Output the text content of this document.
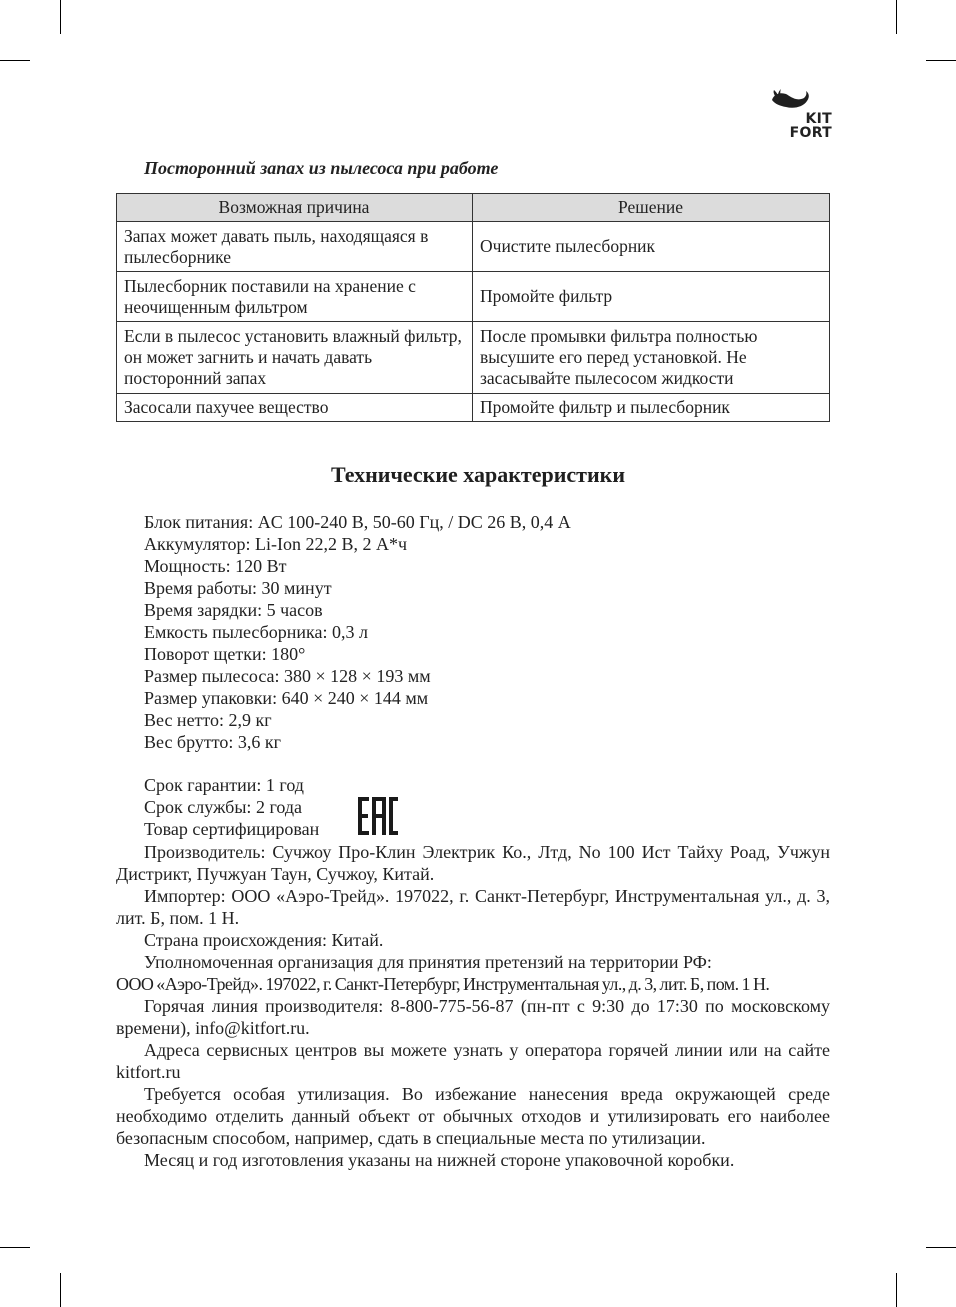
KIT
FORT
Посторонний запах из пылесоса при работе
Возможная причина	Решение
Запах может давать пыль, находящаяся в пылесборнике	Очистите пылесборник
Пылесборник поставили на хранение с неочищенным фильтром	Промойте фильтр
Если в пылесос установить влажный фильтр, он может загнить и начать давать посторонний запах	После промывки фильтра полностью высушите его перед установкой. Не засасывайте пылесосом жидкости
Засосали пахучее вещество	Промойте фильтр и пылесборник
Технические характеристики
Блок питания: AC 100-240 В, 50-60 Гц, / DC 26 В, 0,4 А
Аккумулятор: Li-Ion 22,2 В, 2 А*ч
Мощность: 120 Вт
Время работы: 30 минут
Время зарядки: 5 часов
Емкость пылесборника: 0,3 л
Поворот щетки: 180°
Размер пылесоса: 380 × 128 × 193 мм
Размер упаковки: 640 × 240 × 144 мм
Вес нетто: 2,9 кг
Вес брутто: 3,6 кг
Срок гарантии: 1 год
Срок службы: 2 года
Товар сертифицирован

Производитель: Сучжоу Про-Клин Электрик Ко., Лтд, No 100 Ист Тайху Роад, Учжун Дистрикт, Пучжуан Таун, Сучжоу, Китай.

Импортер: ООО «Аэро-Трейд». 197022, г. Санкт-Петербург, Инструментальная ул., д. 3, лит. Б, пом. 1 Н.

Страна происхождения: Китай.

Уполномоченная организация для принятия претензий на территории РФ:

ООО «Аэро-Трейд». 197022, г. Санкт-Петербург, Инструментальная ул., д. 3, лит. Б, пом. 1 Н.

Горячая линия производителя: 8-800-775-56-87 (пн-пт с 9:30 до 17:30 по московскому времени), info@kitfort.ru.

Адреса сервисных центров вы можете узнать у оператора горячей линии или на сайте kitfort.ru

Требуется особая утилизация. Во избежание нанесения вреда окружающей среде необходимо отделить данный объект от обычных отходов и утилизировать его наиболее безопасным способом, например, сдать в специальные места по утилизации.

Месяц и год изготовления указаны на нижней стороне упаковочной коробки.
